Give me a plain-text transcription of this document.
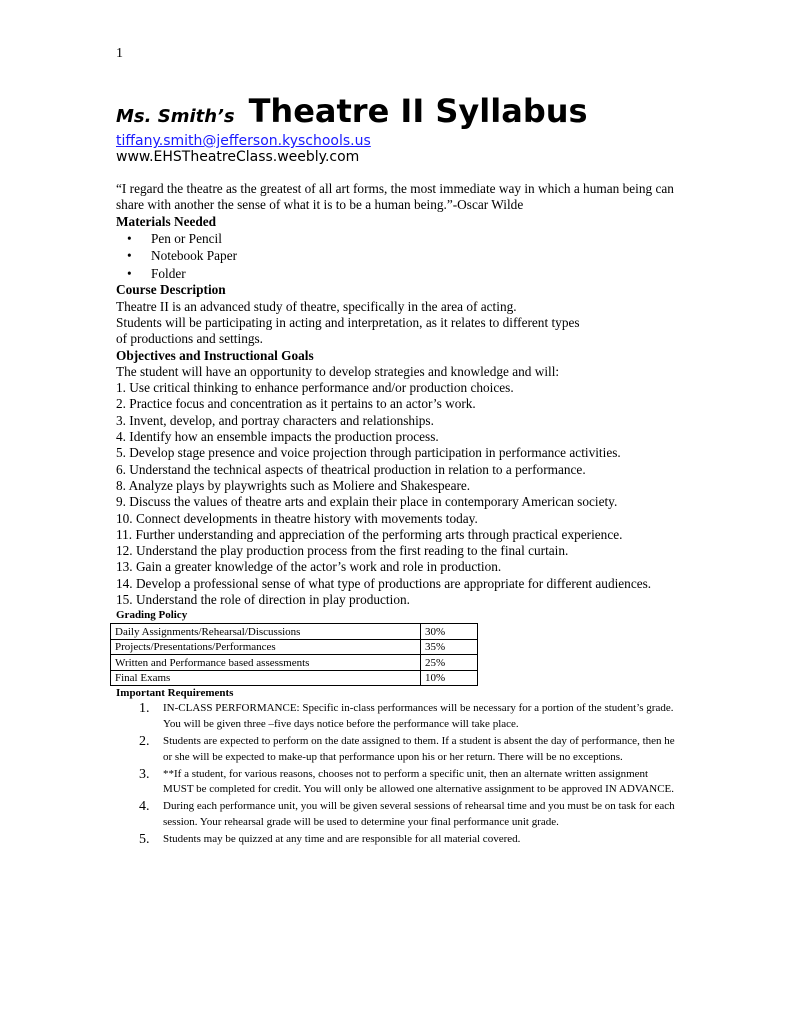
1
Ms. Smith’s Theatre II Syllabus
tiffany.smith@jefferson.kyschools.us
www.EHSTheatreClass.weebly.com

“I regard the theatre as the greatest of all art forms, the most immediate way in which a human being can share with another the sense of what it is to be a human being.”-Oscar Wilde

Materials Needed

• Pen or Pencil
• Notebook Paper
• Folder

Course Description

Theatre II is an advanced study of theatre, specifically in the area of acting.

Students will be participating in acting and interpretation, as it relates to different types

of productions and settings.

Objectives and Instructional Goals

The student will have an opportunity to develop strategies and knowledge and will:

1. Use critical thinking to enhance performance and/or production choices.

2. Practice focus and concentration as it pertains to an actor’s work.

3. Invent, develop, and portray characters and relationships.

4. Identify how an ensemble impacts the production process.

5. Develop stage presence and voice projection through participation in performance activities.

6. Understand the technical aspects of theatrical production in relation to a performance.

8. Analyze plays by playwrights such as Moliere and Shakespeare.

9. Discuss the values of theatre arts and explain their place in contemporary American society.

10. Connect developments in theatre history with movements today.

11. Further understanding and appreciation of the performing arts through practical experience.

12. Understand the play production process from the first reading to the final curtain.

13. Gain a greater knowledge of the actor’s work and role in production.

14. Develop a professional sense of what type of productions are appropriate for different audiences.

15. Understand the role of direction in play production.

Grading Policy

Daily Assignments/Rehearsal/Discussions	30%
Projects/Presentations/Performances	35%
Written and Performance based assessments	25%
Final Exams	10%

Important Requirements

1. IN-CLASS PERFORMANCE: Specific in-class performances will be necessary for a portion of the student’s grade. You will be given three –five days notice before the performance will take place.
2. Students are expected to perform on the date assigned to them. If a student is absent the day of performance, then he or she will be expected to make-up that performance upon his or her return. There will be no exceptions.
3. **If a student, for various reasons, chooses not to perform a specific unit, then an alternate written assignment MUST be completed for credit. You will only be allowed one alternative assignment to be approved IN ADVANCE.
4. During each performance unit, you will be given several sessions of rehearsal time and you must be on task for each session. Your rehearsal grade will be used to determine your final performance unit grade.
5. Students may be quizzed at any time and are responsible for all material covered.
